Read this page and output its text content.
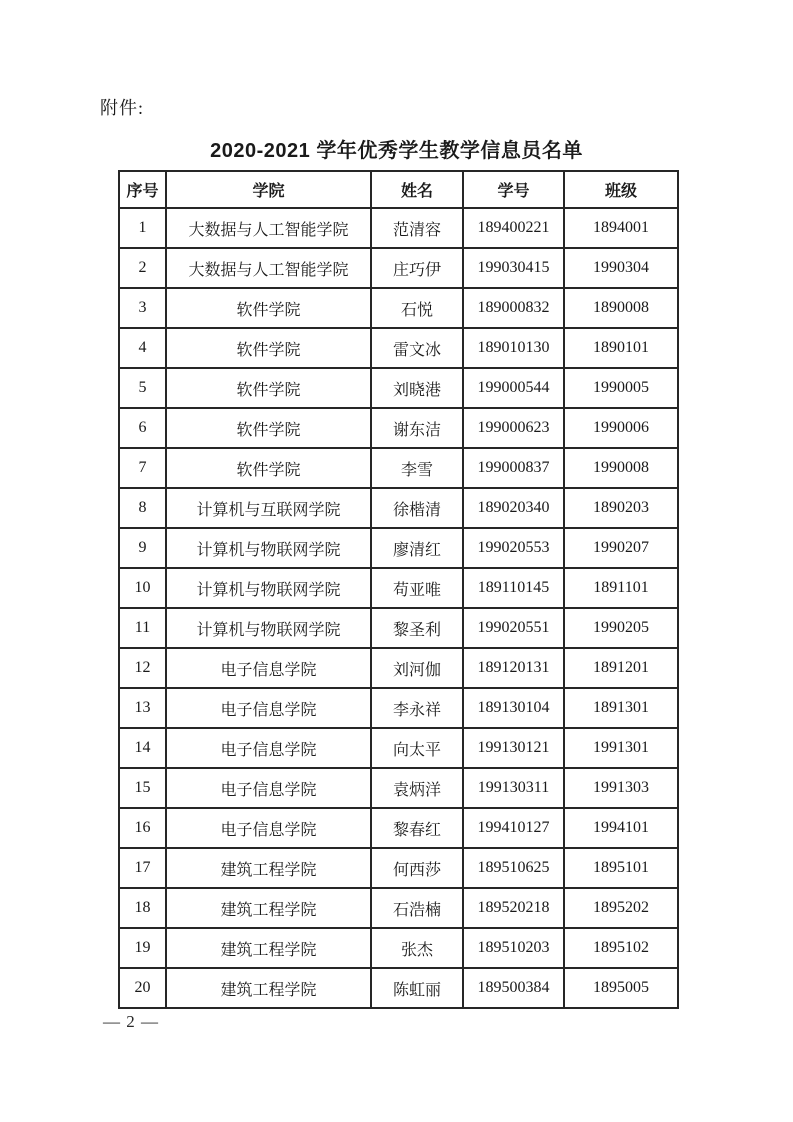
附件:
2020-2021 学年优秀学生教学信息员名单
序号	学院	姓名	学号	班级
1	大数据与人工智能学院	范清容	189400221	1894001
2	大数据与人工智能学院	庄巧伊	199030415	1990304
3	软件学院	石悦	189000832	1890008
4	软件学院	雷文冰	189010130	1890101
5	软件学院	刘晓港	199000544	1990005
6	软件学院	谢东洁	199000623	1990006
7	软件学院	李雪	199000837	1990008
8	计算机与互联网学院	徐楷清	189020340	1890203
9	计算机与物联网学院	廖清红	199020553	1990207
10	计算机与物联网学院	苟亚唯	189110145	1891101
11	计算机与物联网学院	黎圣利	199020551	1990205
12	电子信息学院	刘河伽	189120131	1891201
13	电子信息学院	李永祥	189130104	1891301
14	电子信息学院	向太平	199130121	1991301
15	电子信息学院	袁炳洋	199130311	1991303
16	电子信息学院	黎春红	199410127	1994101
17	建筑工程学院	何西莎	189510625	1895101
18	建筑工程学院	石浩楠	189520218	1895202
19	建筑工程学院	张杰	189510203	1895102
20	建筑工程学院	陈虹丽	189500384	1895005
— 2 —
